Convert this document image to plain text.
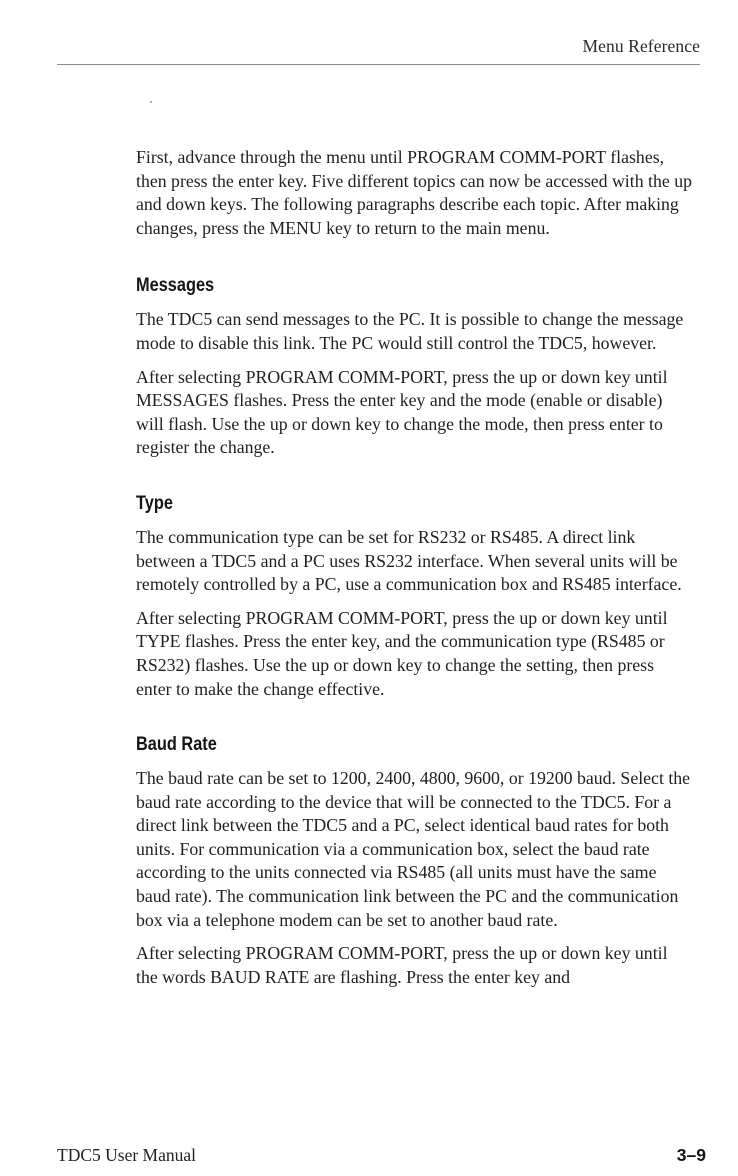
Menu Reference

First, advance through the menu until PROGRAM COMM-PORT flashes, then press the enter key. Five different topics can now be accessed with the up and down keys. The following paragraphs describe each topic. After making changes, press the MENU key to return to the main menu.

Messages

The TDC5 can send messages to the PC. It is possible to change the message mode to disable this link. The PC would still control the TDC5, however.

After selecting PROGRAM COMM-PORT, press the up or down key until MESSAGES flashes. Press the enter key and the mode (enable or disable) will flash. Use the up or down key to change the mode, then press enter to register the change.

Type

The communication type can be set for RS232 or RS485. A direct link between a TDC5 and a PC uses RS232 interface. When several units will be remotely controlled by a PC, use a communication box and RS485 interface.

After selecting PROGRAM COMM-PORT, press the up or down key until TYPE flashes. Press the enter key, and the communication type (RS485 or RS232) flashes. Use the up or down key to change the setting, then press enter to make the change effective.

Baud Rate

The baud rate can be set to 1200, 2400, 4800, 9600, or 19200 baud. Select the baud rate according to the device that will be connected to the TDC5. For a direct link between the TDC5 and a PC, select identical baud rates for both units. For communication via a communication box, select the baud rate according to the units connected via RS485 (all units must have the same baud rate). The communication link between the PC and the communication box via a telephone modem can be set to another baud rate.

After selecting PROGRAM COMM-PORT, press the up or down key until the words BAUD RATE are flashing. Press the enter key and

TDC5 User Manual	3–9
